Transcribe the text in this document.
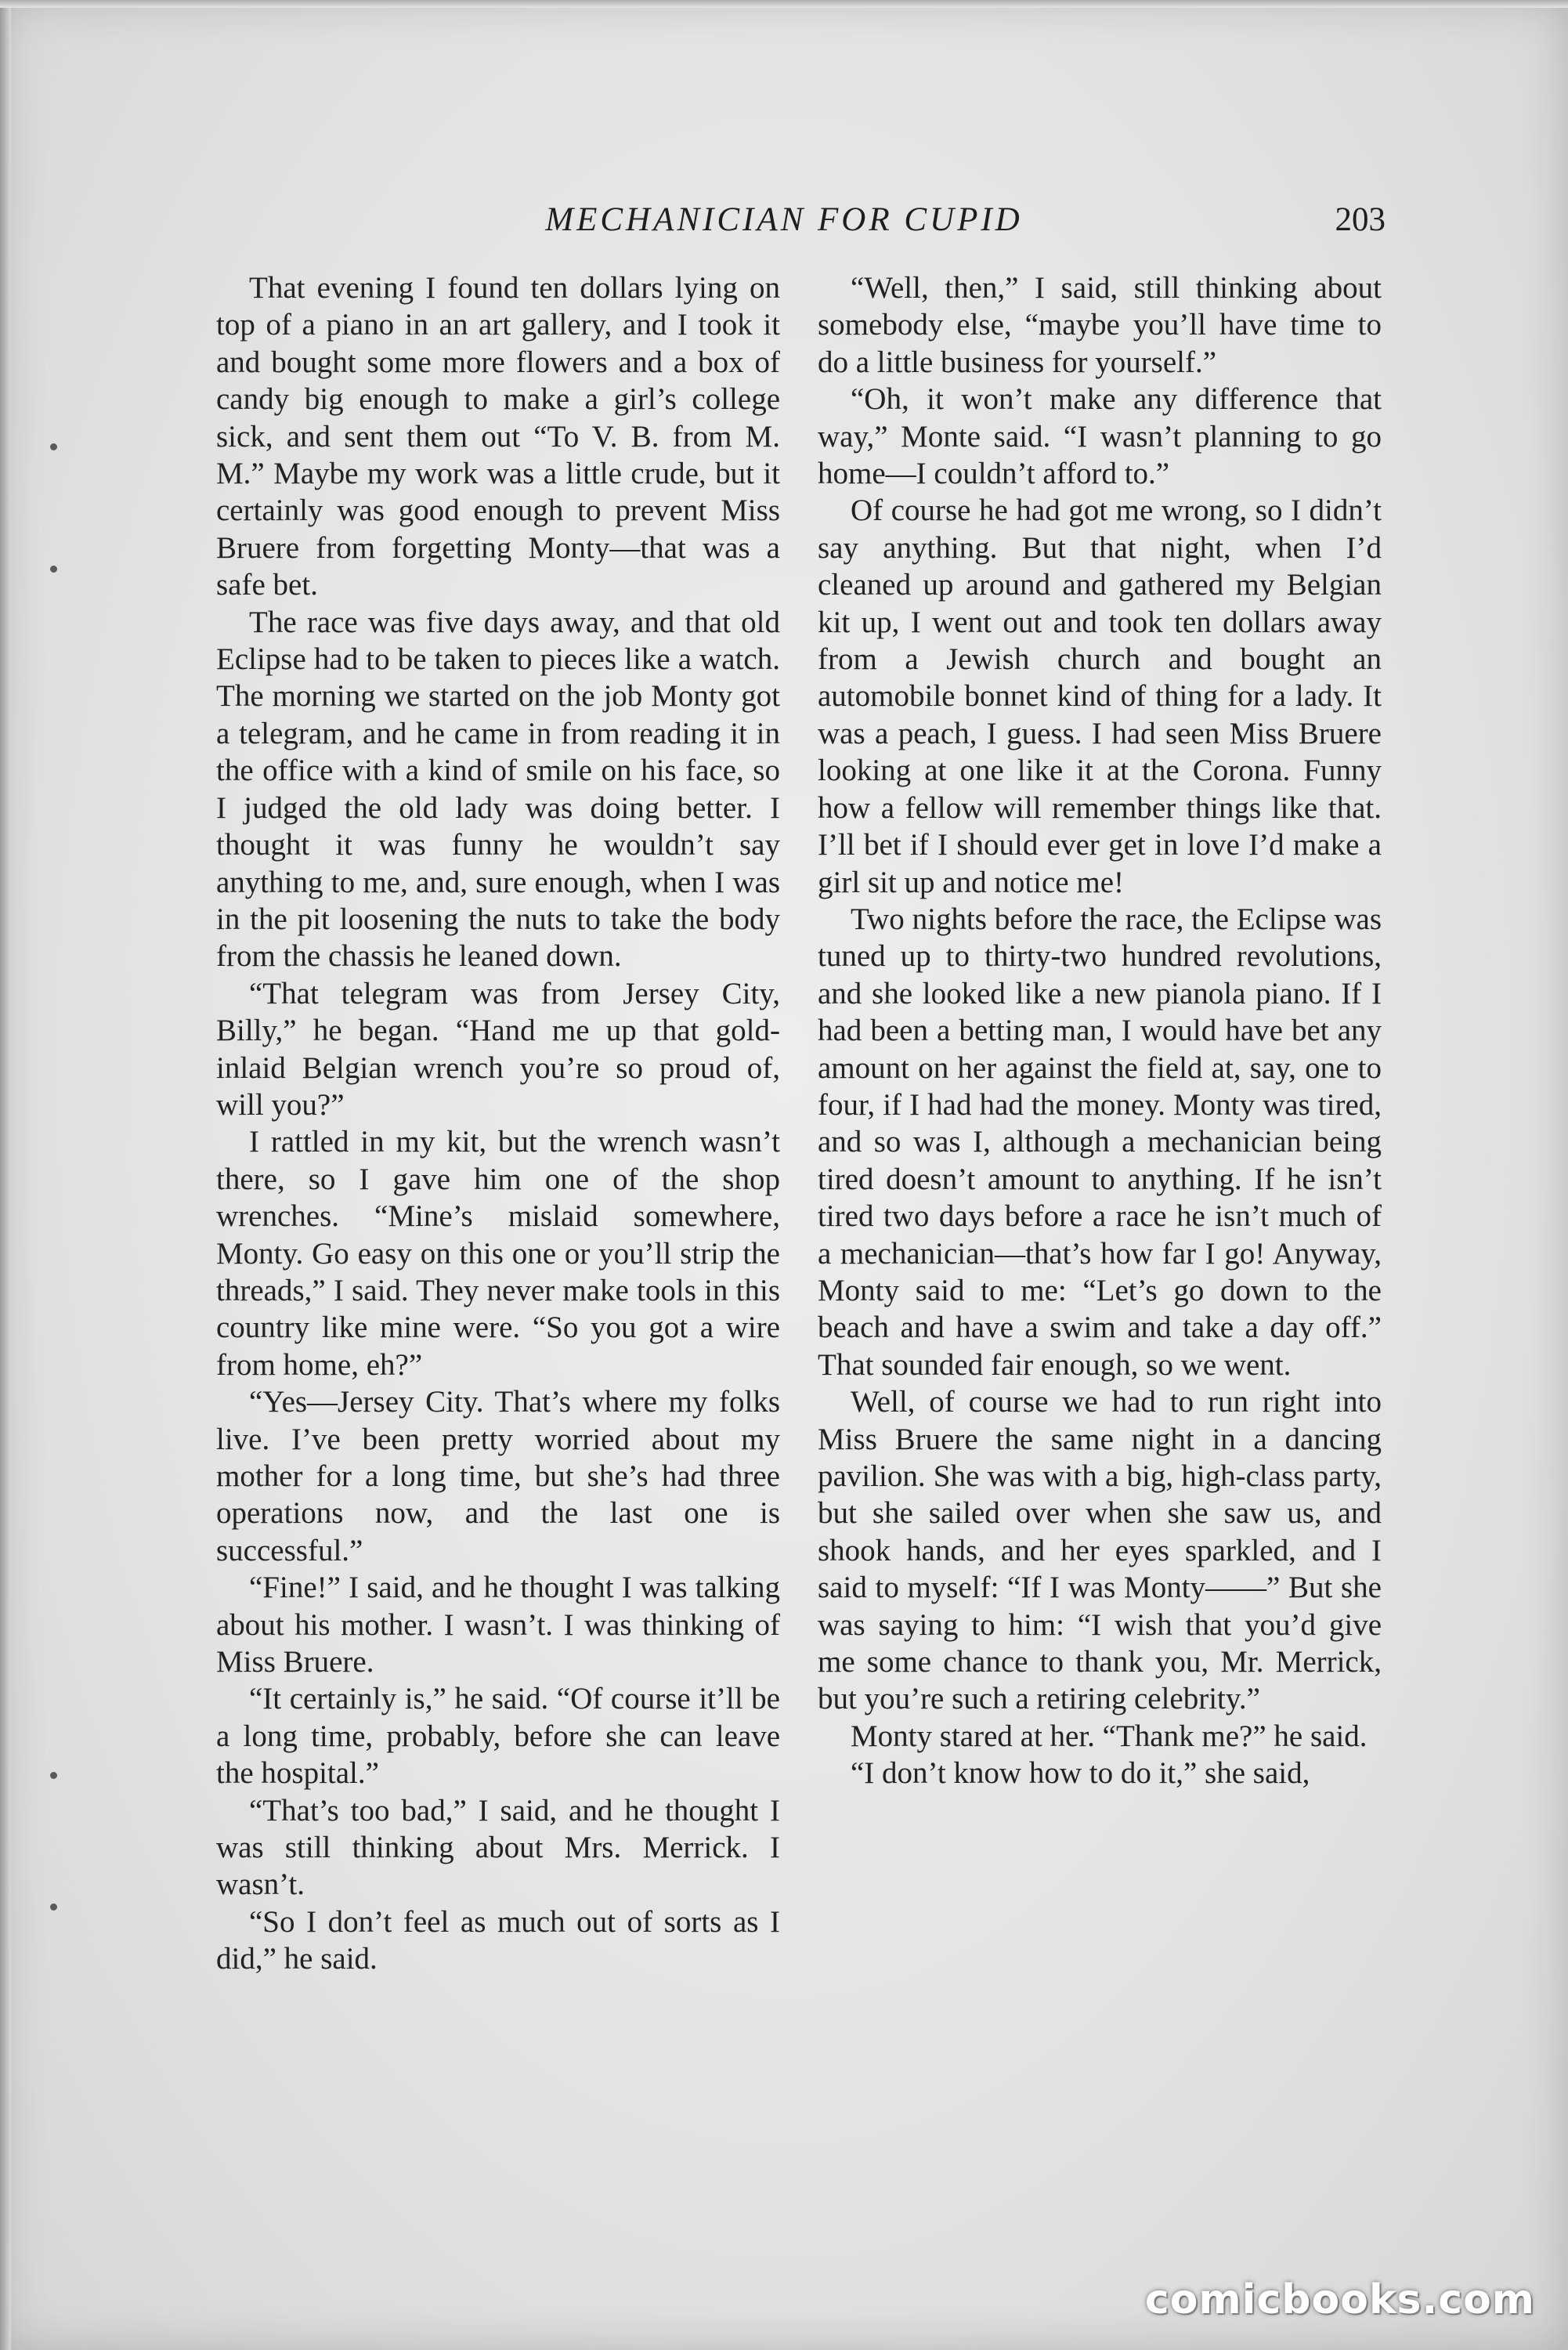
MECHANICIAN FOR CUPID	203

That evening I found ten dollars lying on top of a piano in an art gallery, and I took it and bought some more flowers and a box of candy big enough to make a girl’s college sick, and sent them out “To V. B. from M. M.” Maybe my work was a little crude, but it certainly was good enough to prevent Miss Bruere from forgetting Monty—that was a safe bet.

The race was five days away, and that old Eclipse had to be taken to pieces like a watch. The morning we started on the job Monty got a telegram, and he came in from reading it in the office with a kind of smile on his face, so I judged the old lady was doing better. I thought it was funny he wouldn’t say anything to me, and, sure enough, when I was in the pit loosening the nuts to take the body from the chassis he leaned down.

“That telegram was from Jersey City, Billy,” he began. “Hand me up that gold-inlaid Belgian wrench you’re so proud of, will you?”

I rattled in my kit, but the wrench wasn’t there, so I gave him one of the shop wrenches. “Mine’s mislaid somewhere, Monty. Go easy on this one or you’ll strip the threads,” I said. They never make tools in this country like mine were. “So you got a wire from home, eh?”

“Yes—Jersey City. That’s where my folks live. I’ve been pretty worried about my mother for a long time, but she’s had three operations now, and the last one is successful.”

“Fine!” I said, and he thought I was talking about his mother. I wasn’t. I was thinking of Miss Bruere.

“It certainly is,” he said. “Of course it’ll be a long time, probably, before she can leave the hospital.”

“That’s too bad,” I said, and he thought I was still thinking about Mrs. Merrick. I wasn’t.

“So I don’t feel as much out of sorts as I did,” he said.

“Well, then,” I said, still thinking about somebody else, “maybe you’ll have time to do a little business for yourself.”

“Oh, it won’t make any difference that way,” Monte said. “I wasn’t planning to go home—I couldn’t afford to.”

Of course he had got me wrong, so I didn’t say anything. But that night, when I’d cleaned up around and gathered my Belgian kit up, I went out and took ten dollars away from a Jewish church and bought an automobile bonnet kind of thing for a lady. It was a peach, I guess. I had seen Miss Bruere looking at one like it at the Corona. Funny how a fellow will remember things like that. I’ll bet if I should ever get in love I’d make a girl sit up and notice me!

Two nights before the race, the Eclipse was tuned up to thirty-two hundred revolutions, and she looked like a new pianola piano. If I had been a betting man, I would have bet any amount on her against the field at, say, one to four, if I had had the money. Monty was tired, and so was I, although a mechanician being tired doesn’t amount to anything. If he isn’t tired two days before a race he isn’t much of a mechanician—that’s how far I go! Anyway, Monty said to me: “Let’s go down to the beach and have a swim and take a day off.” That sounded fair enough, so we went.

Well, of course we had to run right into Miss Bruere the same night in a dancing pavilion. She was with a big, high-class party, but she sailed over when she saw us, and shook hands, and her eyes sparkled, and I said to myself: “If I was Monty——” But she was saying to him: “I wish that you’d give me some chance to thank you, Mr. Merrick, but you’re such a retiring celebrity.”

Monty stared at her. “Thank me?” he said.

“I don’t know how to do it,” she said,

comicbooks.com
